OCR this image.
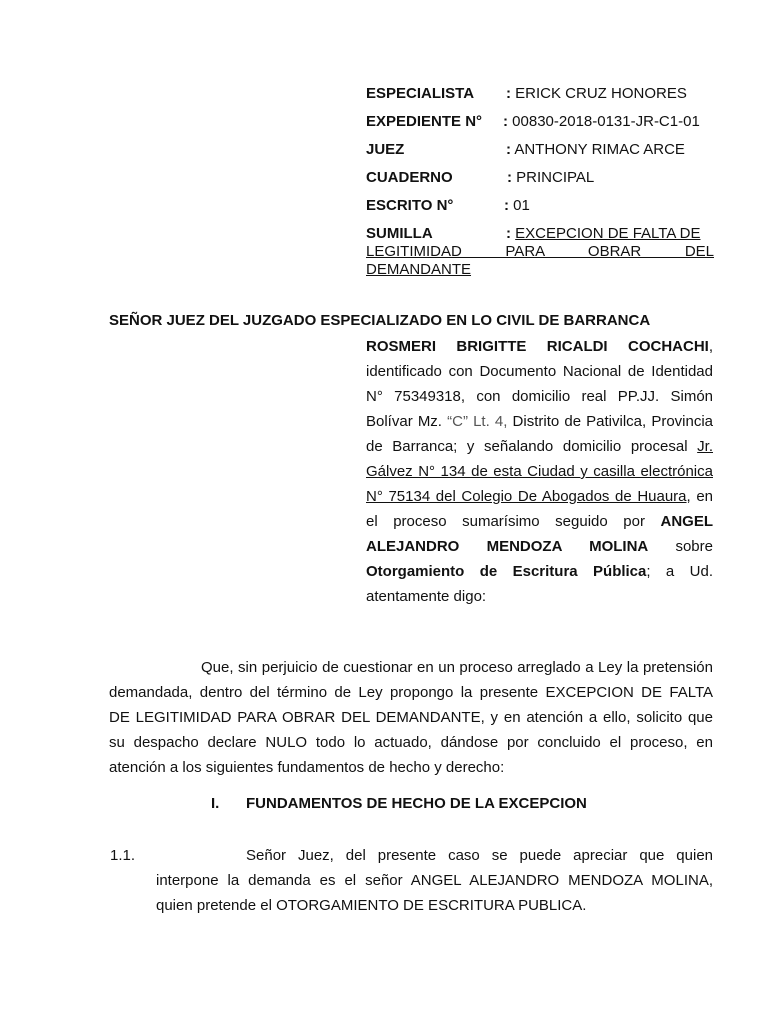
ESPECIALISTA : ERICK CRUZ HONORES
EXPEDIENTE N° : 00830-2018-0131-JR-C1-01
JUEZ	: ANTHONY RIMAC ARCE
CUADERNO	: PRINCIPAL
ESCRITO N°	: 01
SUMILLA	: EXCEPCION DE FALTA DE
LEGITIMIDAD PARA OBRAR DEL
DEMANDANTE
SEÑOR JUEZ DEL JUZGADO ESPECIALIZADO EN LO CIVIL DE BARRANCA
ROSMERI BRIGITTE RICALDI COCHACHI,
identificado con Documento Nacional de Identidad
N° 75349318, con domicilio real PP.JJ. Simón
Bolívar Mz. “C” Lt. 4, Distrito de Pativilca, Provincia
de Barranca; y señalando domicilio procesal Jr.
Gálvez N° 134 de esta Ciudad y casilla electrónica
N° 75134 del Colegio De Abogados de Huaura, en
el proceso sumarísimo seguido por ANGEL
ALEJANDRO MENDOZA MOLINA sobre
Otorgamiento de Escritura Pública; a Ud.
atentamente digo:
Que, sin perjuicio de cuestionar en un proceso arreglado a Ley la pretensión
demandada, dentro del término de Ley propongo la presente EXCEPCION DE FALTA
DE LEGITIMIDAD PARA OBRAR DEL DEMANDANTE, y en atención a ello, solicito que
su despacho declare NULO todo lo actuado, dándose por concluido el proceso, en
atención a los siguientes fundamentos de hecho y derecho:
I. FUNDAMENTOS DE HECHO DE LA EXCEPCION
1.1.	Señor Juez, del presente caso se puede apreciar que quien
interpone la demanda es el señor ANGEL ALEJANDRO MENDOZA MOLINA,
quien pretende el OTORGAMIENTO DE ESCRITURA PUBLICA.
